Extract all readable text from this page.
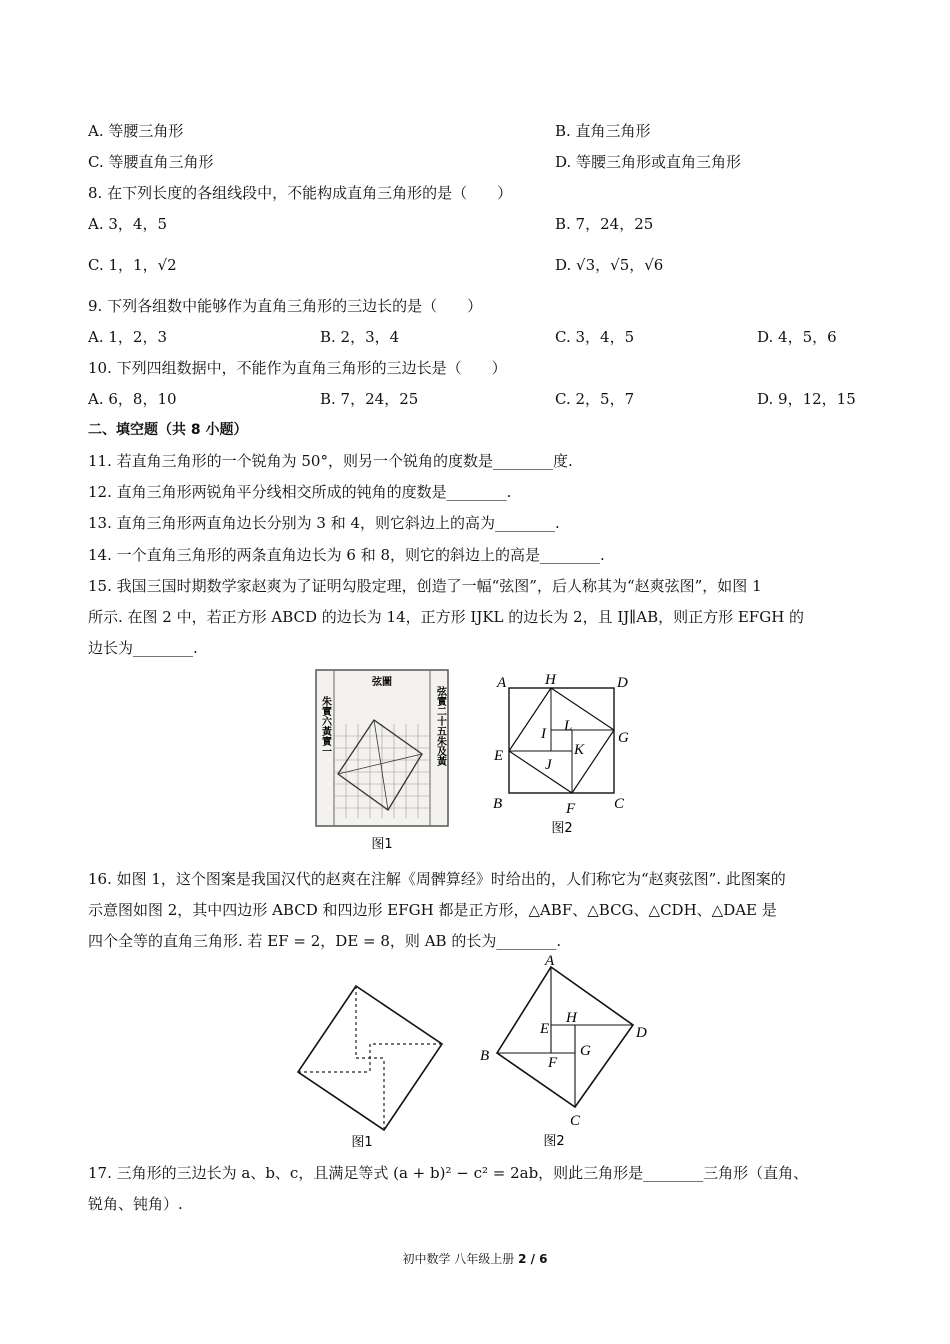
A. 等腰三角形	B. 直角三角形
C. 等腰直角三角形	D. 等腰三角形或直角三角形
8. 在下列长度的各组线段中，不能构成直角三角形的是（　　）
A. 3，4，5	B. 7，24，25
C. 1，1，√2	D. √3，√5，√6
9. 下列各组数中能够作为直角三角形的三边长的是（　　）
A. 1，2，3	B. 2，3，4	C. 3，4，5	D. 4，5，6
10. 下列四组数据中，不能作为直角三角形的三边长是（　　）
A. 6，8，10	B. 7，24，25	C. 2，5，7	D. 9，12，15
二、填空题（共 8 小题）
11. 若直角三角形的一个锐角为 50°，则另一个锐角的度数是________度.
12. 直角三角形两锐角平分线相交所成的钝角的度数是________.
13. 直角三角形两直角边长分别为 3 和 4，则它斜边上的高为________.
14. 一个直角三角形的两条直角边长为 6 和 8，则它的斜边上的高是________.
15. 我国三国时期数学家赵爽为了证明勾股定理，创造了一幅“弦图”，后人称其为“赵爽弦图”，如图 1
所示. 在图 2 中，若正方形 ABCD 的边长为 14，正方形 IJKL 的边长为 2，且 IJ∥AB，则正方形 EFGH 的
边长为________.
弦圖
朱實六黃實一	弦實二十五朱及黃
图1
A	H	D
E
G
B	F	C
I
J
K
L
图2
16. 如图 1，这个图案是我国汉代的赵爽在注解《周髀算经》时给出的，人们称它为“赵爽弦图”. 此图案的
示意图如图 2，其中四边形 ABCD 和四边形 EFGH 都是正方形，△ABF、△BCG、△CDH、△DAE 是
四个全等的直角三角形. 若 EF = 2，DE = 8，则 AB 的长为________.
图1
A
B
C
D
E
F
G
H
图2
17. 三角形的三边长为 a、b、c，且满足等式 (a + b)² − c² = 2ab，则此三角形是________三角形（直角、
锐角、钝角）.
初中数学 八年级上册 2 / 6
